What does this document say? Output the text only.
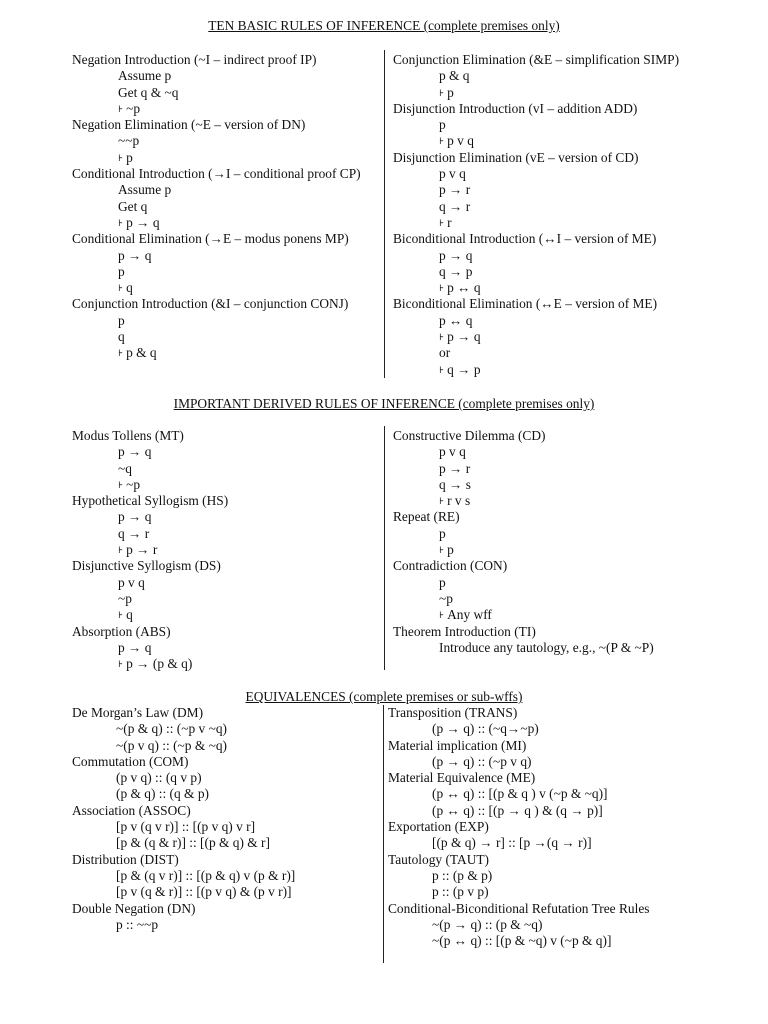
TEN BASIC RULES OF INFERENCE (complete premises only)
Negation Introduction (~I – indirect proof IP)
Assume p
Get q & ~q
⊦ ~p
Negation Elimination (~E – version of DN)
~~p
⊦ p
Conditional Introduction (→I – conditional proof CP)
Assume p
Get q
⊦ p → q
Conditional Elimination (→E – modus ponens MP)
p → q
p
⊦ q
Conjunction Introduction (&I – conjunction CONJ)
p
q
⊦ p & q
Conjunction Elimination (&E – simplification SIMP)
p & q
⊦ p
Disjunction Introduction (vI – addition ADD)
p
⊦ p v q
Disjunction Elimination (vE – version of CD)
p v q
p → r
q → r
⊦ r
Biconditional Introduction (↔I – version of ME)
p → q
q → p
⊦ p ↔ q
Biconditional Elimination (↔E – version of ME)
p ↔ q
⊦ p → q
or
⊦ q → p
IMPORTANT DERIVED RULES OF INFERENCE (complete premises only)
Modus Tollens (MT)
p → q
~q
⊦ ~p
Hypothetical Syllogism (HS)
p → q
q → r
⊦ p → r
Disjunctive Syllogism (DS)
p v q
~p
⊦ q
Absorption (ABS)
p → q
⊦ p → (p & q)
Constructive Dilemma (CD)
p v q
p → r
q → s
⊦ r v s
Repeat (RE)
p
⊦ p
Contradiction (CON)
p
~p
⊦ Any wff
Theorem Introduction (TI)
Introduce any tautology, e.g., ~(P & ~P)
EQUIVALENCES (complete premises or sub-wffs)
De Morgan’s Law (DM)
~(p & q) :: (~p v ~q)
~(p v q) :: (~p & ~q)
Commutation (COM)
(p v q) :: (q v p)
(p & q) :: (q & p)
Association (ASSOC)
[p v (q v r)] :: [(p v q) v r]
[p & (q & r)] :: [(p & q) & r]
Distribution (DIST)
[p & (q v r)] :: [(p & q) v (p & r)]
[p v (q & r)] :: [(p v q) & (p v r)]
Double Negation (DN)
p :: ~~p
Transposition (TRANS)
(p → q) :: (~q→~p)
Material implication (MI)
(p → q) :: (~p v q)
Material Equivalence (ME)
(p ↔ q) :: [(p & q ) v (~p & ~q)]
(p ↔ q) :: [(p → q ) & (q → p)]
Exportation (EXP)
[(p & q) → r] :: [p →(q → r)]
Tautology (TAUT)
p :: (p & p)
p :: (p v p)
Conditional-Biconditional Refutation Tree Rules
~(p → q) :: (p & ~q)
~(p ↔ q) :: [(p & ~q) v (~p & q)]
